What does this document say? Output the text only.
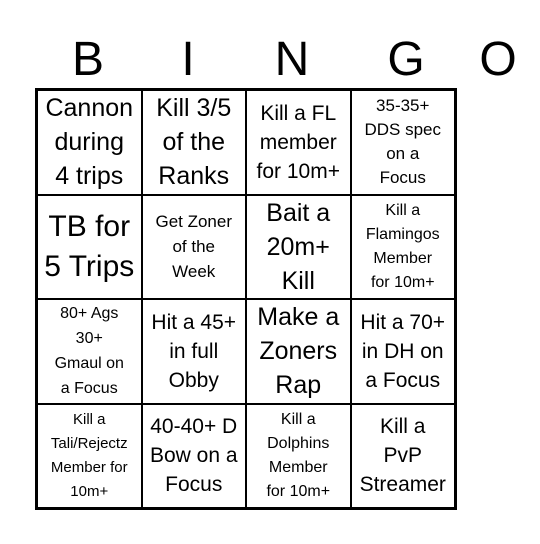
B	I	N	G	O
Cannon
during
4 trips
Kill 3/5
of the
Ranks
Kill a FL
member
for 10m+
35-35+
DDS spec
on a
Focus
TB for
5 Trips
Get Zoner
of the
Week
Bait a
20m+
Kill
Kill a
Flamingos
Member
for 10m+
80+ Ags
30+
Gmaul on
a Focus
Hit a 45+
in full
Obby
Make a
Zoners
Rap
Hit a 70+
in DH on
a Focus
Kill a
Tali/Rejectz
Member for
10m+
40-40+ D
Bow on a
Focus
Kill a
Dolphins
Member
for 10m+
Kill a
PvP
Streamer
